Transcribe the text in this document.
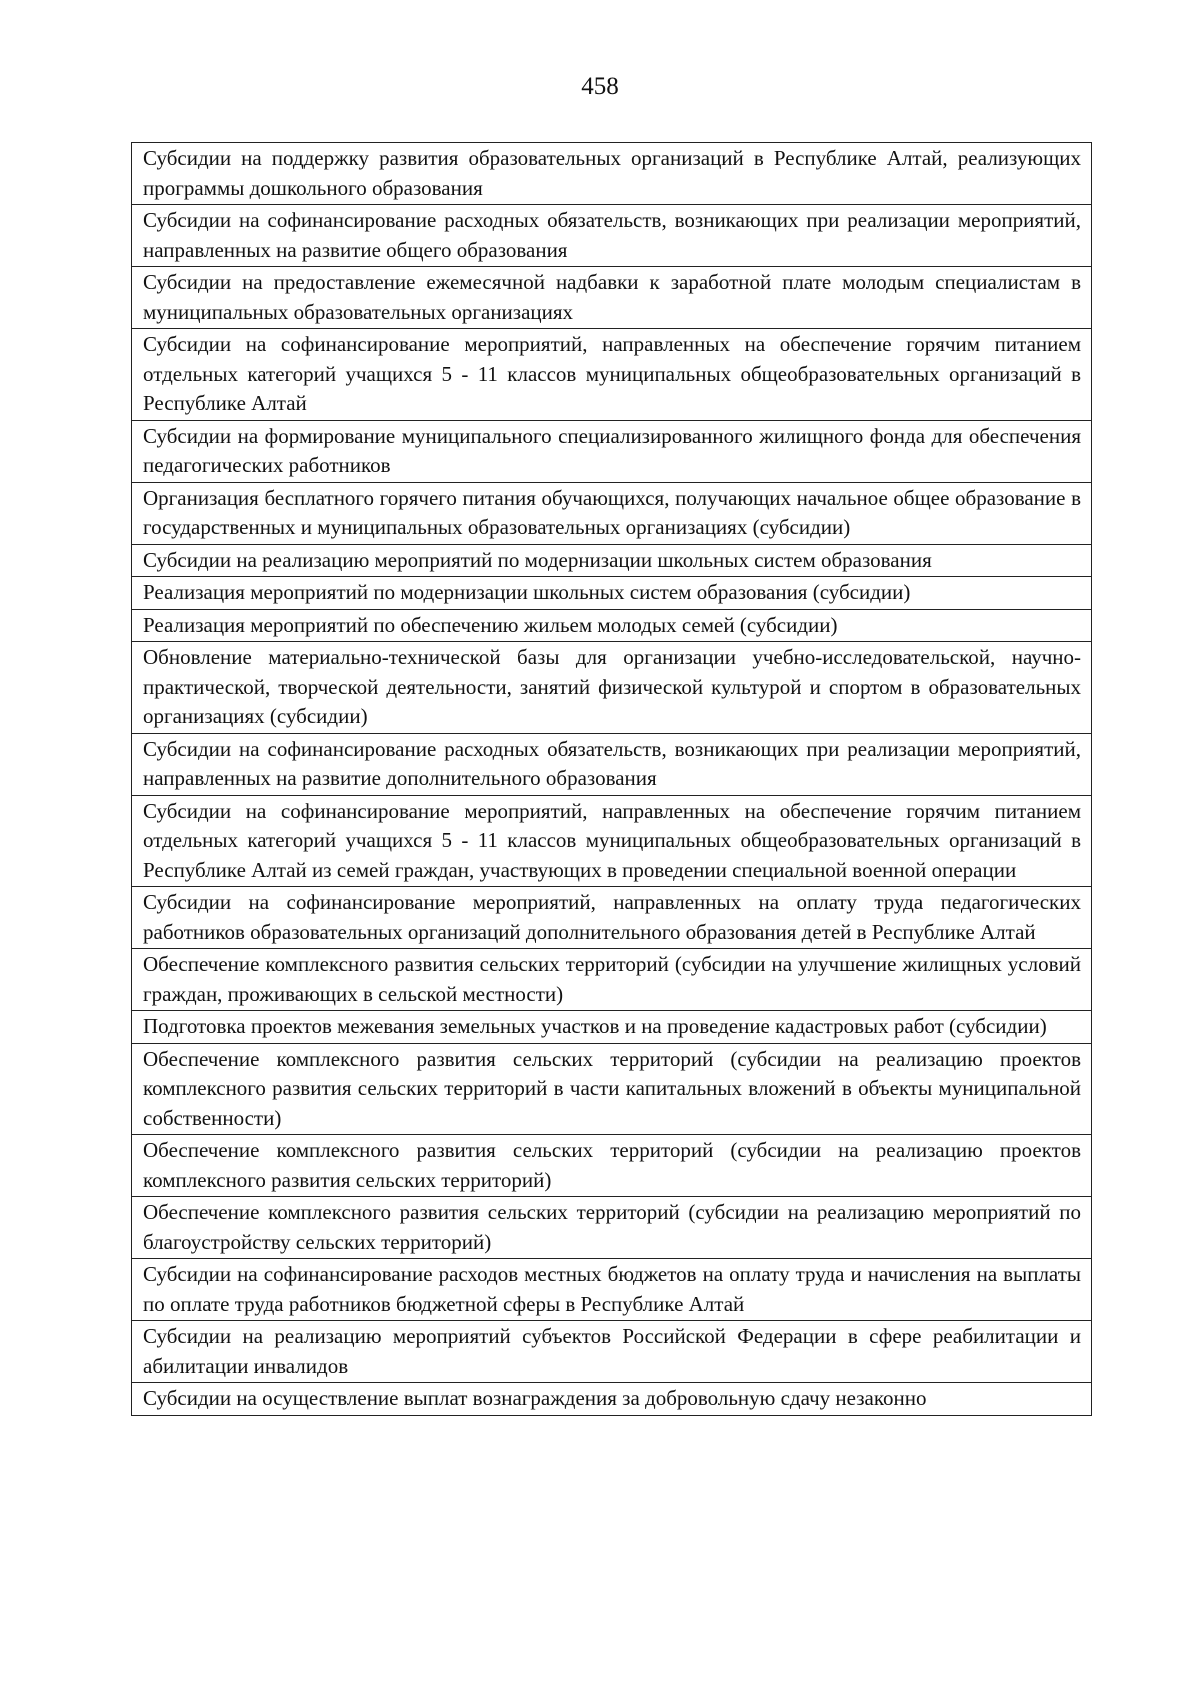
458
Субсидии на поддержку развития образовательных организаций в Республике Алтай, реализующих программы дошкольного образования
Субсидии на софинансирование расходных обязательств, возникающих при реализации мероприятий, направленных на развитие общего образования
Субсидии на предоставление ежемесячной надбавки к заработной плате молодым специалистам в муниципальных образовательных организациях
Субсидии на софинансирование мероприятий, направленных на обеспечение горячим питанием отдельных категорий учащихся 5 - 11 классов муниципальных общеобразовательных организаций в Республике Алтай
Субсидии на формирование муниципального специализированного жилищного фонда для обеспечения педагогических работников
Организация бесплатного горячего питания обучающихся, получающих начальное общее образование в государственных и муниципальных образовательных организациях (субсидии)
Субсидии на реализацию мероприятий по модернизации школьных систем образования
Реализация мероприятий по модернизации школьных систем образования (субсидии)
Реализация мероприятий по обеспечению жильем молодых семей (субсидии)
Обновление материально-технической базы для организации учебно-исследовательской, научно-практической, творческой деятельности, занятий физической культурой и спортом в образовательных организациях (субсидии)
Субсидии на софинансирование расходных обязательств, возникающих при реализации мероприятий, направленных на развитие дополнительного образования
Субсидии на софинансирование мероприятий, направленных на обеспечение горячим питанием отдельных категорий учащихся 5 - 11 классов муниципальных общеобразовательных организаций в Республике Алтай из семей граждан, участвующих в проведении специальной военной операции
Субсидии на софинансирование мероприятий, направленных на оплату труда педагогических работников образовательных организаций дополнительного образования детей в Республике Алтай
Обеспечение комплексного развития сельских территорий (субсидии на улучшение жилищных условий граждан, проживающих в сельской местности)
Подготовка проектов межевания земельных участков и на проведение кадастровых работ (субсидии)
Обеспечение комплексного развития сельских территорий (субсидии на реализацию проектов комплексного развития сельских территорий в части капитальных вложений в объекты муниципальной собственности)
Обеспечение комплексного развития сельских территорий (субсидии на реализацию проектов комплексного развития сельских территорий)
Обеспечение комплексного развития сельских территорий (субсидии на реализацию мероприятий по благоустройству сельских территорий)
Субсидии на софинансирование расходов местных бюджетов на оплату труда и начисления на выплаты по оплате труда работников бюджетной сферы в Республике Алтай
Субсидии на реализацию мероприятий субъектов Российской Федерации в сфере реабилитации и абилитации инвалидов
Субсидии на осуществление выплат вознаграждения за добровольную сдачу незаконно
